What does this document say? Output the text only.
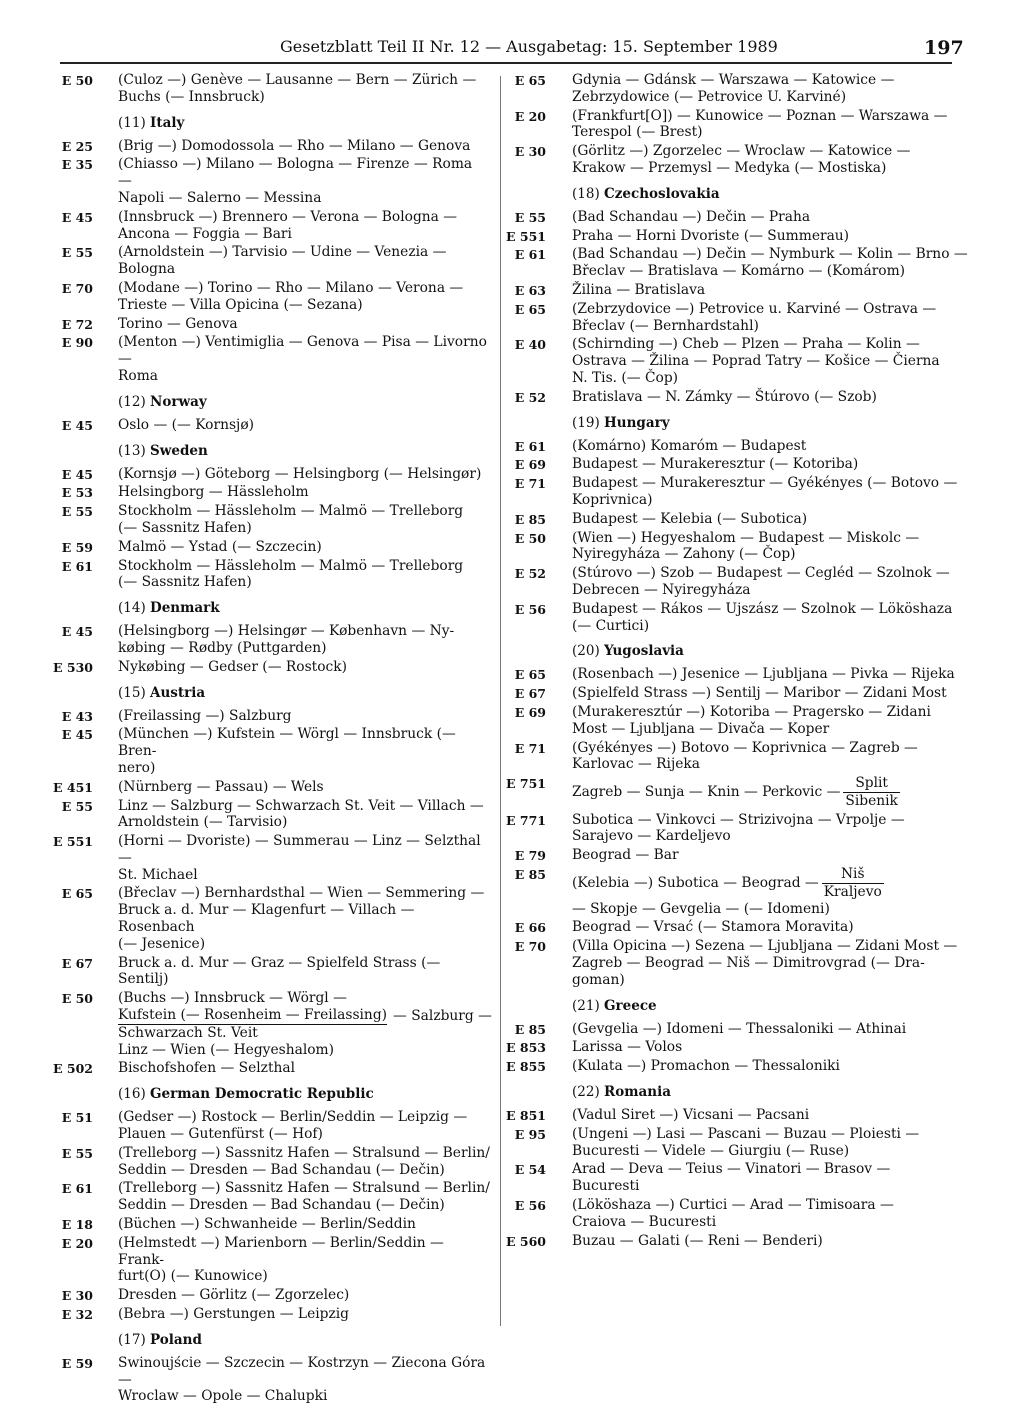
Gesetzblatt Teil II Nr. 12 — Ausgabetag: 15. September 1989	197
E 50 (Culoz —) Genève — Lausanne — Bern — Zürich —
Buchs (— Innsbruck)
(11) Italy
E 25 (Brig —) Domodossola — Rho — Milano — Genova
E 35 (Chiasso —) Milano — Bologna — Firenze — Roma —
Napoli — Salerno — Messina
E 45 (Innsbruck —) Brennero — Verona — Bologna —
Ancona — Foggia — Bari
E 55 (Arnoldstein —) Tarvisio — Udine — Venezia —
Bologna
E 70 (Modane —) Torino — Rho — Milano — Verona —
Trieste — Villa Opicina (— Sezana)
E 72 Torino — Genova
E 90 (Menton —) Ventimiglia — Genova — Pisa — Livorno —
Roma
(12) Norway
E 45 Oslo — (— Kornsjø)
(13) Sweden
E 45 (Kornsjø —) Göteborg — Helsingborg (— Helsingør)
E 53 Helsingborg — Hässleholm
E 55 Stockholm — Hässleholm — Malmö — Trelleborg
(— Sassnitz Hafen)
E 59 Malmö — Ystad (— Szczecin)
E 61 Stockholm — Hässleholm — Malmö — Trelleborg
(— Sassnitz Hafen)
(14) Denmark
E 45 (Helsingborg —) Helsingør — København — Ny-
købing — Rødby (Puttgarden)
E 530 Nykøbing — Gedser (— Rostock)
(15) Austria
E 43 (Freilassing —) Salzburg
E 45 (München —) Kufstein — Wörgl — Innsbruck (— Bren-
nero)
E 451 (Nürnberg — Passau) — Wels
E 55 Linz — Salzburg — Schwarzach St. Veit — Villach —
Arnoldstein (— Tarvisio)
E 551 (Horni — Dvoriste) — Summerau — Linz — Selzthal —
St. Michael
E 65 (Břeclav —) Bernhardsthal — Wien — Semmering —
Bruck a. d. Mur — Klagenfurt — Villach — Rosenbach
(— Jesenice)
E 67 Bruck a. d. Mur — Graz — Spielfeld Strass (— Sentilj)
E 50 (Buchs —) Innsbruck — Wörgl —
Kufstein (— Rosenheim — Freilassing)
Schwarzach St. Veit
— Salzburg —
Linz — Wien (— Hegyeshalom)
E 502 Bischofshofen — Selzthal
(16) German Democratic Republic
E 51 (Gedser —) Rostock — Berlin/Seddin — Leipzig —
Plauen — Gutenfürst (— Hof)
E 55 (Trelleborg —) Sassnitz Hafen — Stralsund — Berlin/
Seddin — Dresden — Bad Schandau (— Dečin)
E 61 (Trelleborg —) Sassnitz Hafen — Stralsund — Berlin/
Seddin — Dresden — Bad Schandau (— Dečin)
E 18 (Büchen —) Schwanheide — Berlin/Seddin
E 20 (Helmstedt —) Marienborn — Berlin/Seddin — Frank-
furt(O) (— Kunowice)
E 30 Dresden — Görlitz (— Zgorzelec)
E 32 (Bebra —) Gerstungen — Leipzig
(17) Poland
E 59 Swinoujście — Szczecin — Kostrzyn — Ziecona Góra —
Wroclaw — Opole — Chalupki
E 65 Gdynia — Gdánsk — Warszawa — Katowice —
Zebrzydowice (— Petrovice U. Karviné)
E 20 (Frankfurt[O]) — Kunowice — Poznan — Warszawa —
Terespol (— Brest)
E 30 (Görlitz —) Zgorzelec — Wroclaw — Katowice —
Krakow — Przemysl — Medyka (— Mostiska)
(18) Czechoslovakia
E 55 (Bad Schandau —) Dečin — Praha
E 551 Praha — Horni Dvoriste (— Summerau)
E 61 (Bad Schandau —) Dečin — Nymburk — Kolin — Brno —
Břeclav — Bratislava — Komárno — (Komárom)
E 63 Žilina — Bratislava
E 65 (Zebrzydovice —) Petrovice u. Karviné — Ostrava —
Břeclav (— Bernhardstahl)
E 40 (Schirnding —) Cheb — Plzen — Praha — Kolin —
Ostrava — Žilina — Poprad Tatry — Košice — Čierna
N. Tis. (— Čop)
E 52 Bratislava — N. Zámky — Štúrovo (— Szob)
(19) Hungary
E 61 (Komárno) Komaróm — Budapest
E 69 Budapest — Murakeresztur (— Kotoriba)
E 71 Budapest — Murakeresztur — Gyékényes (— Botovo —
Koprivnica)
E 85 Budapest — Kelebia (— Subotica)
E 50 (Wien —) Hegyeshalom — Budapest — Miskolc —
Nyiregyháza — Zahony (— Čop)
E 52 (Stúrovo —) Szob — Budapest — Cegléd — Szolnok —
Debrecen — Nyiregyháza
E 56 Budapest — Rákos — Ujszász — Szolnok — Lököshaza
(— Curtici)
(20) Yugoslavia
E 65 (Rosenbach —) Jesenice — Ljubljana — Pivka — Rijeka
E 67 (Spielfeld Strass —) Sentilj — Maribor — Zidani Most
E 69 (Murakeresztúr —) Kotoriba — Pragersko — Zidani
Most — Ljubljana — Divača — Koper
E 71 (Gyékényes —) Botovo — Koprivnica — Zagreb —
Karlovac — Rijeka
E 751
Zagreb — Sunja — Knin — Perkovic — $\frac{\text{Split}}{\text{Sibenik}}$
E 771 Subotica — Vinkovci — Strizivojna — Vrpolje —
Sarajevo — Kardeljevo
E 79 Beograd — Bar
E 85
(Kelebia —) Subotica — Beograd — $\frac{\text{Niš}}{\text{Kraljevo}}$
— Skopje — Gevgelia — (— Idomeni)
E 66 Beograd — Vrsać (— Stamora Moravita)
E 70 (Villa Opicina —) Sezena — Ljubljana — Zidani Most —
Zagreb — Beograd — Niš — Dimitrovgrad (— Dra-
goman)
(21) Greece
E 85 (Gevgelia —) Idomeni — Thessaloniki — Athinai
E 853 Larissa — Volos
E 855 (Kulata —) Promachon — Thessaloniki
(22) Romania
E 851 (Vadul Siret —) Vicsani — Pacsani
E 95 (Ungeni —) Lasi — Pascani — Buzau — Ploiesti —
Bucuresti — Videle — Giurgiu (— Ruse)
E 54 Arad — Deva — Teius — Vinatori — Brasov —
Bucuresti
E 56 (Lököshaza —) Curtici — Arad — Timisoara —
Craiova — Bucuresti
E 560 Buzau — Galati (— Reni — Benderi)
